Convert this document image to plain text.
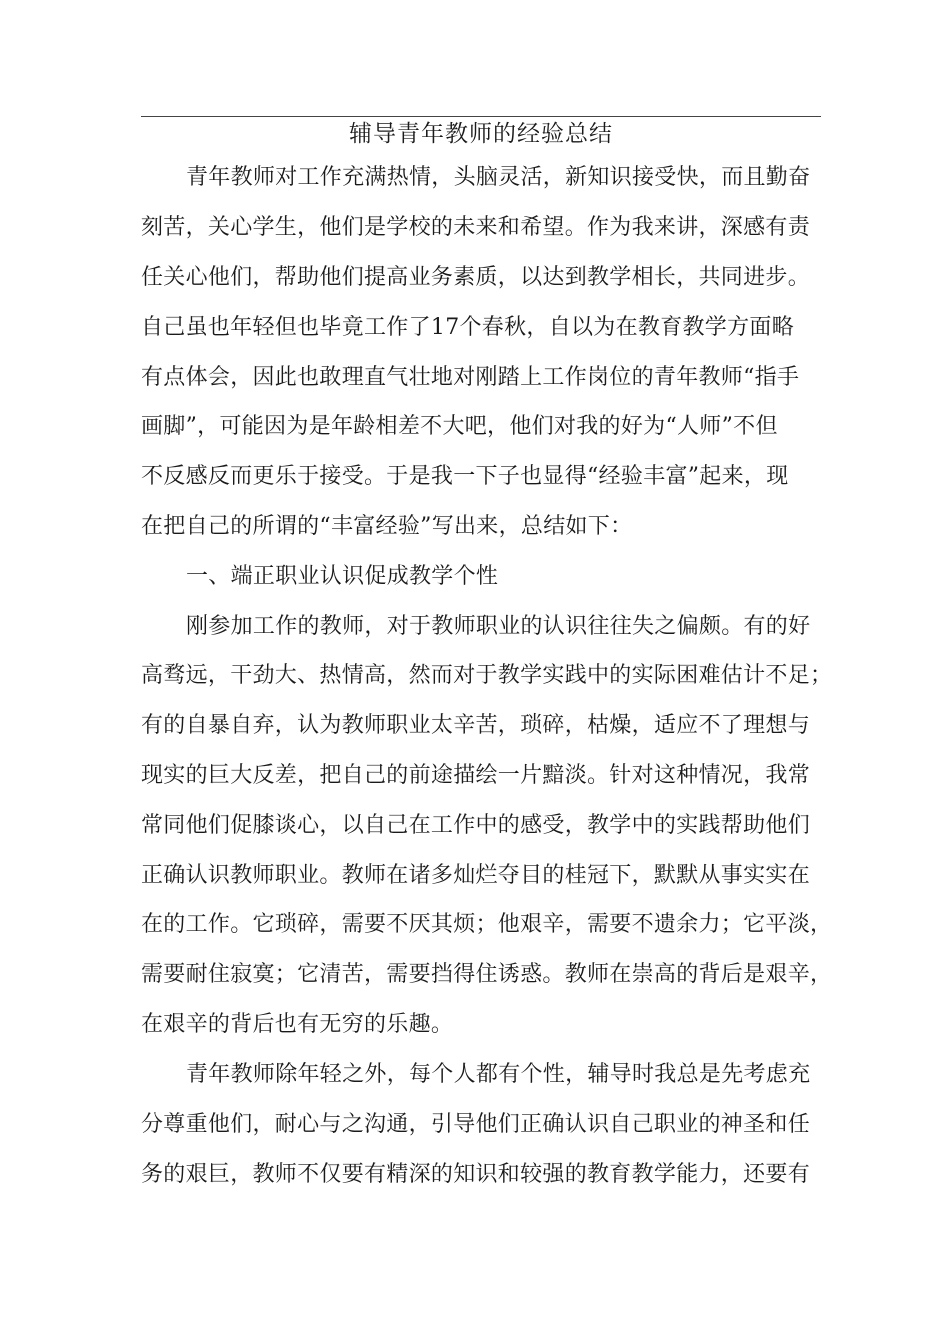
辅导青年教师的经验总结
青年教师对工作充满热情，头脑灵活，新知识接受快，而且勤奋
刻苦，关心学生，他们是学校的未来和希望。作为我来讲，深感有责
任关心他们，帮助他们提高业务素质，以达到教学相长，共同进步。
自己虽也年轻但也毕竟工作了17个春秋，自以为在教育教学方面略
有点体会，因此也敢理直气壮地对刚踏上工作岗位的青年教师“指手
画脚”，可能因为是年龄相差不大吧，他们对我的好为“人师”不但
不反感反而更乐于接受。于是我一下子也显得“经验丰富”起来，现
在把自己的所谓的“丰富经验”写出来，总结如下：
一、端正职业认识促成教学个性
刚参加工作的教师，对于教师职业的认识往往失之偏颇。有的好
高骛远，干劲大、热情高，然而对于教学实践中的实际困难估计不足；
有的自暴自弃，认为教师职业太辛苦，琐碎，枯燥，适应不了理想与
现实的巨大反差，把自己的前途描绘一片黯淡。针对这种情况，我常
常同他们促膝谈心，以自己在工作中的感受，教学中的实践帮助他们
正确认识教师职业。教师在诸多灿烂夺目的桂冠下，默默从事实实在
在的工作。它琐碎，需要不厌其烦；他艰辛，需要不遗余力；它平淡，
需要耐住寂寞；它清苦，需要挡得住诱惑。教师在崇高的背后是艰辛，
在艰辛的背后也有无穷的乐趣。
青年教师除年轻之外，每个人都有个性，辅导时我总是先考虑充
分尊重他们，耐心与之沟通，引导他们正确认识自己职业的神圣和任
务的艰巨，教师不仅要有精深的知识和较强的教育教学能力，还要有
